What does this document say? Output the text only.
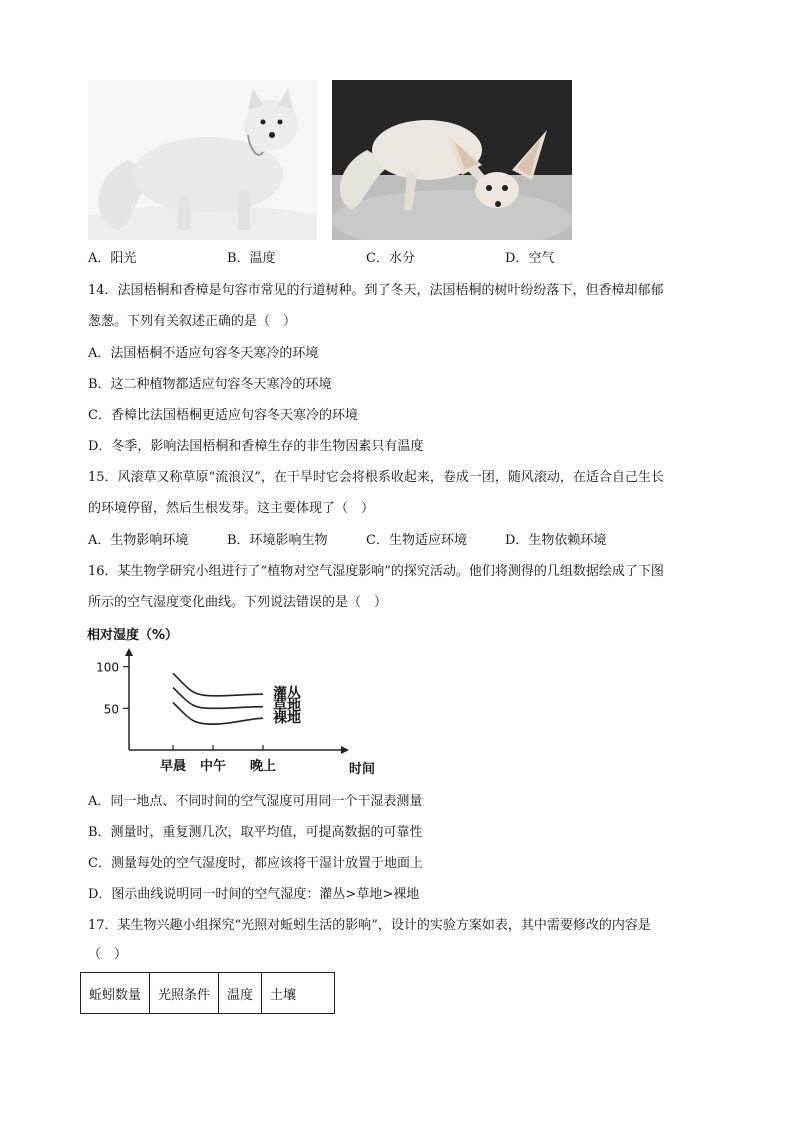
A．阳光	B．温度	C．水分	D．空气
14．法国梧桐和香樟是句容市常见的行道树种。到了冬天，法国梧桐的树叶纷纷落下，但香樟却郁郁
葱葱。下列有关叙述正确的是（　）
A．法国梧桐不适应句容冬天寒冷的环境
B．这二种植物都适应句容冬天寒冷的环境
C．香樟比法国梧桐更适应句容冬天寒冷的环境
D．冬季，影响法国梧桐和香樟生存的非生物因素只有温度
15．风滚草又称草原“流浪汉”，在干旱时它会将根系收起来，卷成一团，随风滚动，在适合自己生长
的环境停留，然后生根发芽。这主要体现了（　）
A．生物影响环境	B．环境影响生物	C．生物适应环境	D．生物依赖环境
16．某生物学研究小组进行了“植物对空气湿度影响”的探究活动。他们将测得的几组数据绘成了下图
所示的空气湿度变化曲线。下列说法错误的是（　）
相对湿度（%）
时间
100
50
早晨 中午 晚上
灌丛
草地
裸地
A．同一地点、不同时间的空气湿度可用同一个干湿表测量
B．测量时，重复测几次，取平均值，可提高数据的可靠性
C．测量每处的空气湿度时，都应该将干湿计放置于地面上
D．图示曲线说明同一时间的空气湿度：灌丛>草地>裸地
17．某生物兴趣小组探究“光照对蚯蚓生活的影响”，设计的实验方案如表，其中需要修改的内容是
（　）
蚯蚓数量	光照条件	温度	土壤
